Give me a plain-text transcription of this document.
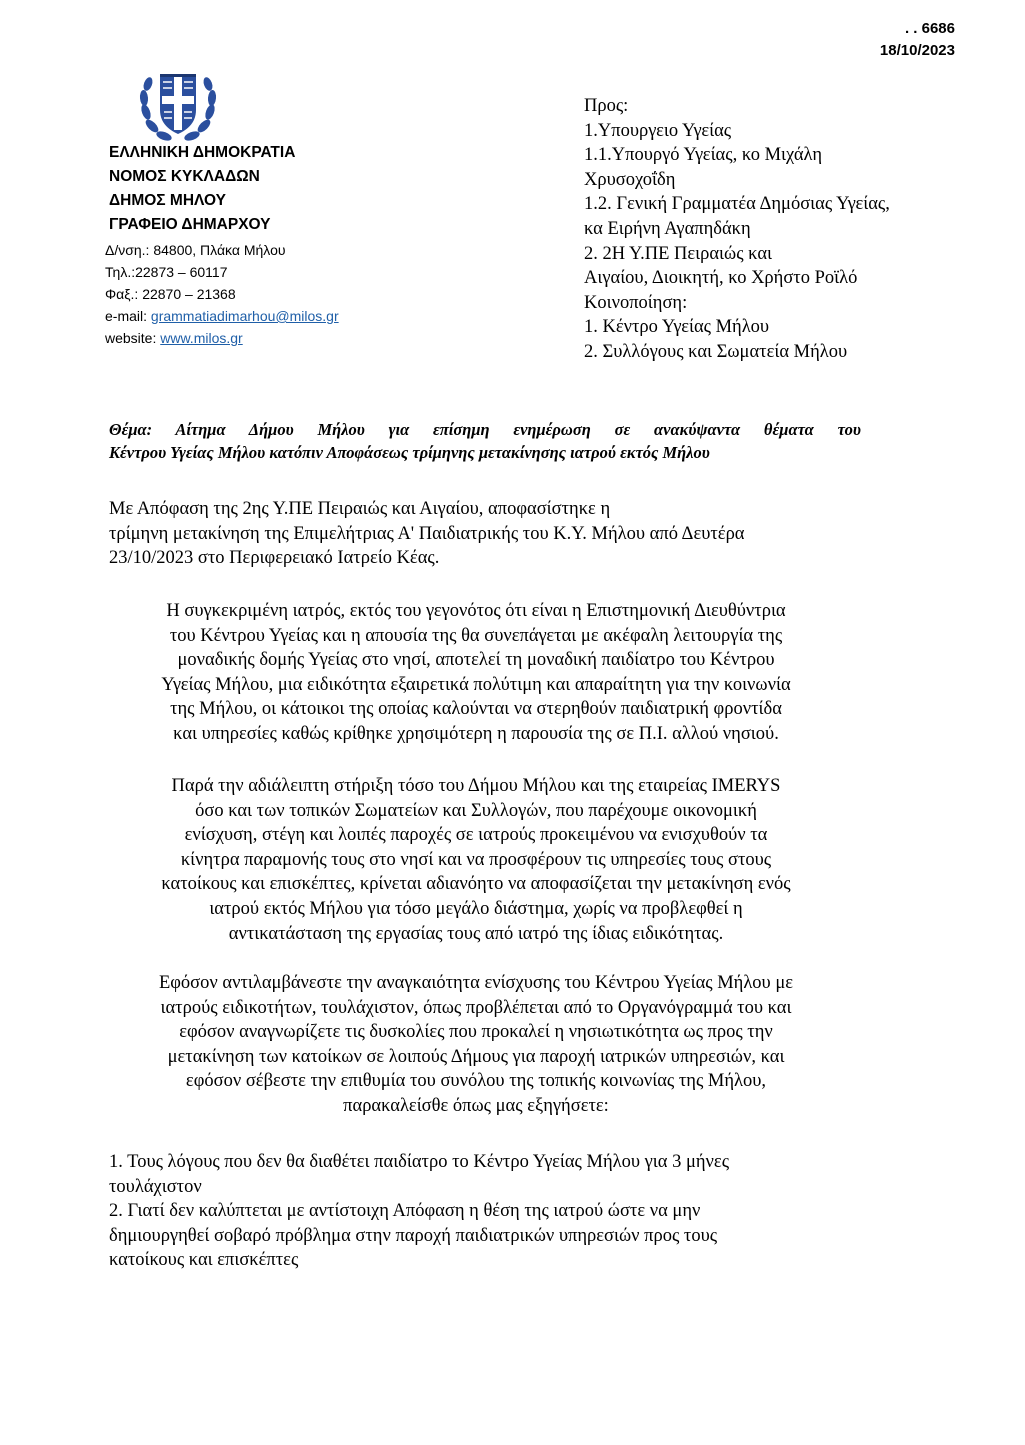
. . 6686
18/10/2023
ΕΛΛΗΝΙΚΗ ΔΗΜΟΚΡΑΤΙΑ
ΝΟΜΟΣ ΚΥΚΛΑΔΩΝ
ΔΗΜΟΣ ΜΗΛΟΥ
ΓΡΑΦΕΙΟ ΔΗΜΑΡΧΟΥ
Δ/νση.: 84800, Πλάκα Μήλου
Τηλ.:22873 – 60117
Φαξ.: 22870 – 21368
e-mail: grammatiadimarhou@milos.gr
website: www.milos.gr
Προς:
1.Υπουργειο Υγείας
1.1.Υπουργό Υγείας, κο Μιχάλη
Χρυσοχοΐδη
1.2. Γενική Γραμματέα Δημόσιας Υγείας,
κα Ειρήνη Αγαπηδάκη
2. 2Η Υ.ΠΕ Πειραιώς και
Αιγαίου, Διοικητή, κο Χρήστο Ροϊλό
Κοινοποίηση:
1. Κέντρο Υγείας Μήλου
2. Συλλόγους και Σωματεία Μήλου
Θέμα: Αίτημα Δήμου Μήλου για επίσημη ενημέρωση σε ανακύψαντα θέματα του
Κέντρου Υγείας Μήλου κατόπιν Αποφάσεως τρίμηνης μετακίνησης ιατρού εκτός Μήλου
Με Απόφαση της 2ης Υ.ΠΕ Πειραιώς και Αιγαίου, αποφασίστηκε η
τρίμηνη μετακίνηση της Επιμελήτριας Α' Παιδιατρικής του Κ.Υ. Μήλου από Δευτέρα
23/10/2023 στο Περιφερειακό Ιατρείο Κέας.
Η συγκεκριμένη ιατρός, εκτός του γεγονότος ότι είναι η Επιστημονική Διευθύντρια
του Κέντρου Υγείας και η απουσία της θα συνεπάγεται με ακέφαλη λειτουργία της
μοναδικής δομής Υγείας στο νησί, αποτελεί τη μοναδική παιδίατρο του Κέντρου
Υγείας Μήλου, μια ειδικότητα εξαιρετικά πολύτιμη και απαραίτητη για την κοινωνία
της Μήλου, οι κάτοικοι της οποίας καλούνται να στερηθούν παιδιατρική φροντίδα
και υπηρεσίες καθώς κρίθηκε χρησιμότερη η παρουσία της σε Π.Ι. αλλού νησιού.
Παρά την αδιάλειπτη στήριξη τόσο του Δήμου Μήλου και της εταιρείας IMERYS
όσο και των τοπικών Σωματείων και Συλλογών, που παρέχουμε οικονομική
ενίσχυση, στέγη και λοιπές παροχές σε ιατρούς προκειμένου να ενισχυθούν τα
κίνητρα παραμονής τους στο νησί και να προσφέρουν τις υπηρεσίες τους στους
κατοίκους και επισκέπτες, κρίνεται αδιανόητο να αποφασίζεται την μετακίνηση ενός
ιατρού εκτός Μήλου για τόσο μεγάλο διάστημα, χωρίς να προβλεφθεί η
αντικατάσταση της εργασίας τους από ιατρό της ίδιας ειδικότητας.
Εφόσον αντιλαμβάνεστε την αναγκαιότητα ενίσχυσης του Κέντρου Υγείας Μήλου με
ιατρούς ειδικοτήτων, τουλάχιστον, όπως προβλέπεται από το Οργανόγραμμά του και
εφόσον αναγνωρίζετε τις δυσκολίες που προκαλεί η νησιωτικότητα ως προς την
μετακίνηση των κατοίκων σε λοιπούς Δήμους για παροχή ιατρικών υπηρεσιών, και
εφόσον σέβεστε την επιθυμία του συνόλου της τοπικής κοινωνίας της Μήλου,
παρακαλείσθε όπως μας εξηγήσετε:
1. Τους λόγους που δεν θα διαθέτει παιδίατρο το Κέντρο Υγείας Μήλου για 3 μήνες
τουλάχιστον
2. Γιατί δεν καλύπτεται με αντίστοιχη Απόφαση η θέση της ιατρού ώστε να μην
δημιουργηθεί σοβαρό πρόβλημα στην παροχή παιδιατρικών υπηρεσιών προς τους
κατοίκους και επισκέπτες
